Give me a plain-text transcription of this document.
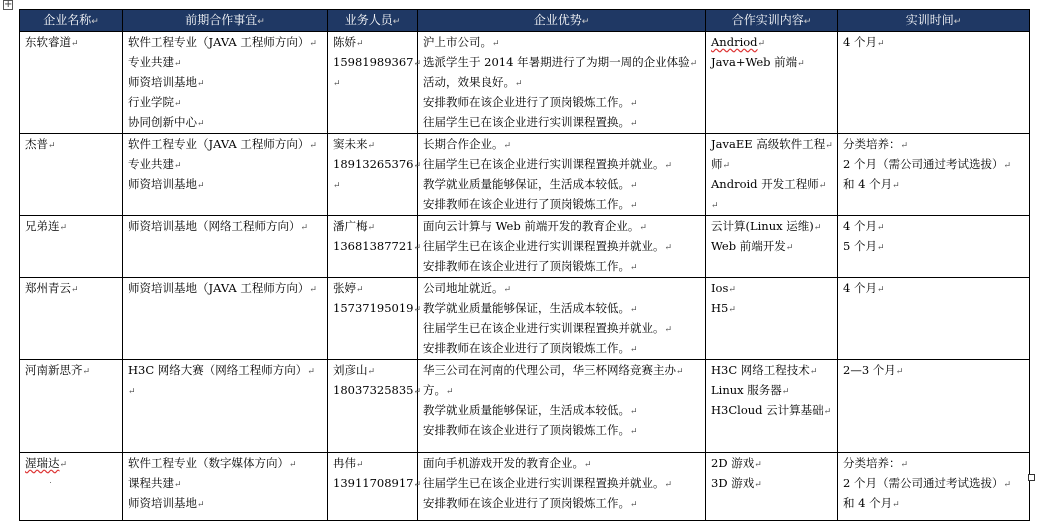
+
企业名称↵	前期合作事宜↵	业务人员↵	企业优势↵	合作实训内容↵	实训时间↵

东软睿道↵	软件工程专业（JAVA 工程师方向）↵
专业共建↵
师资培训基地↵
行业学院↵
协同创新中心↵	陈娇↵
15981989367↵
↵	沪上市公司。↵
选派学生于 2014 年暑期进行了为期一周的企业体验↵
活动，效果良好。↵
安排教师在该企业进行了顶岗锻炼工作。↵
往届学生已在该企业进行实训课程置换。↵	Andriod↵
Java+Web 前端↵	4 个月↵

杰普↵	软件工程专业（JAVA 工程师方向）↵
专业共建↵
师资培训基地↵	窦未来↵
18913265376↵
↵	长期合作企业。↵
往届学生已在该企业进行实训课程置换并就业。↵
教学就业质量能够保证，生活成本较低。↵
安排教师在该企业进行了顶岗锻炼工作。↵	JavaEE 高级软件工程↵
师↵
Android 开发工程师↵
↵	分类培养：↵
2 个月（需公司通过考试选拔）↵
和 4 个月↵

兄弟连↵	师资培训基地（网络工程师方向）↵	潘广梅↵
13681387721↵	面向云计算与 Web 前端开发的教育企业。↵
往届学生已在该企业进行实训课程置换并就业。↵
安排教师在该企业进行了顶岗锻炼工作。↵	云计算(Linux 运维)↵
Web 前端开发↵	4 个月↵
5 个月↵

郑州青云↵	师资培训基地（JAVA 工程师方向）↵	张婷↵
15737195019↵	公司地址就近。↵
教学就业质量能够保证，生活成本较低。↵
往届学生已在该企业进行实训课程置换并就业。↵
安排教师在该企业进行了顶岗锻炼工作。↵	Ios↵
H5↵	4 个月↵

河南新思齐↵	H3C 网络大赛（网络工程师方向）↵
↵	刘彦山↵
18037325835↵	华三公司在河南的代理公司，华三杯网络竞赛主办↵
方。↵
教学就业质量能够保证，生活成本较低。↵
安排教师在该企业进行了顶岗锻炼工作。↵	H3C 网络工程技术↵
Linux 服务器↵
H3Cloud 云计算基础↵	2—3 个月↵

渥瑞达↵	软件工程专业（数字媒体方向）↵
课程共建↵
师资培训基地↵	冉伟↵
13911708917↵	面向手机游戏开发的教育企业。↵
往届学生已在该企业进行实训课程置换并就业。↵
安排教师在该企业进行了顶岗锻炼工作。↵	2D 游戏↵
3D 游戏↵	分类培养：↵
2 个月（需公司通过考试选拔）↵
和 4 个月↵
